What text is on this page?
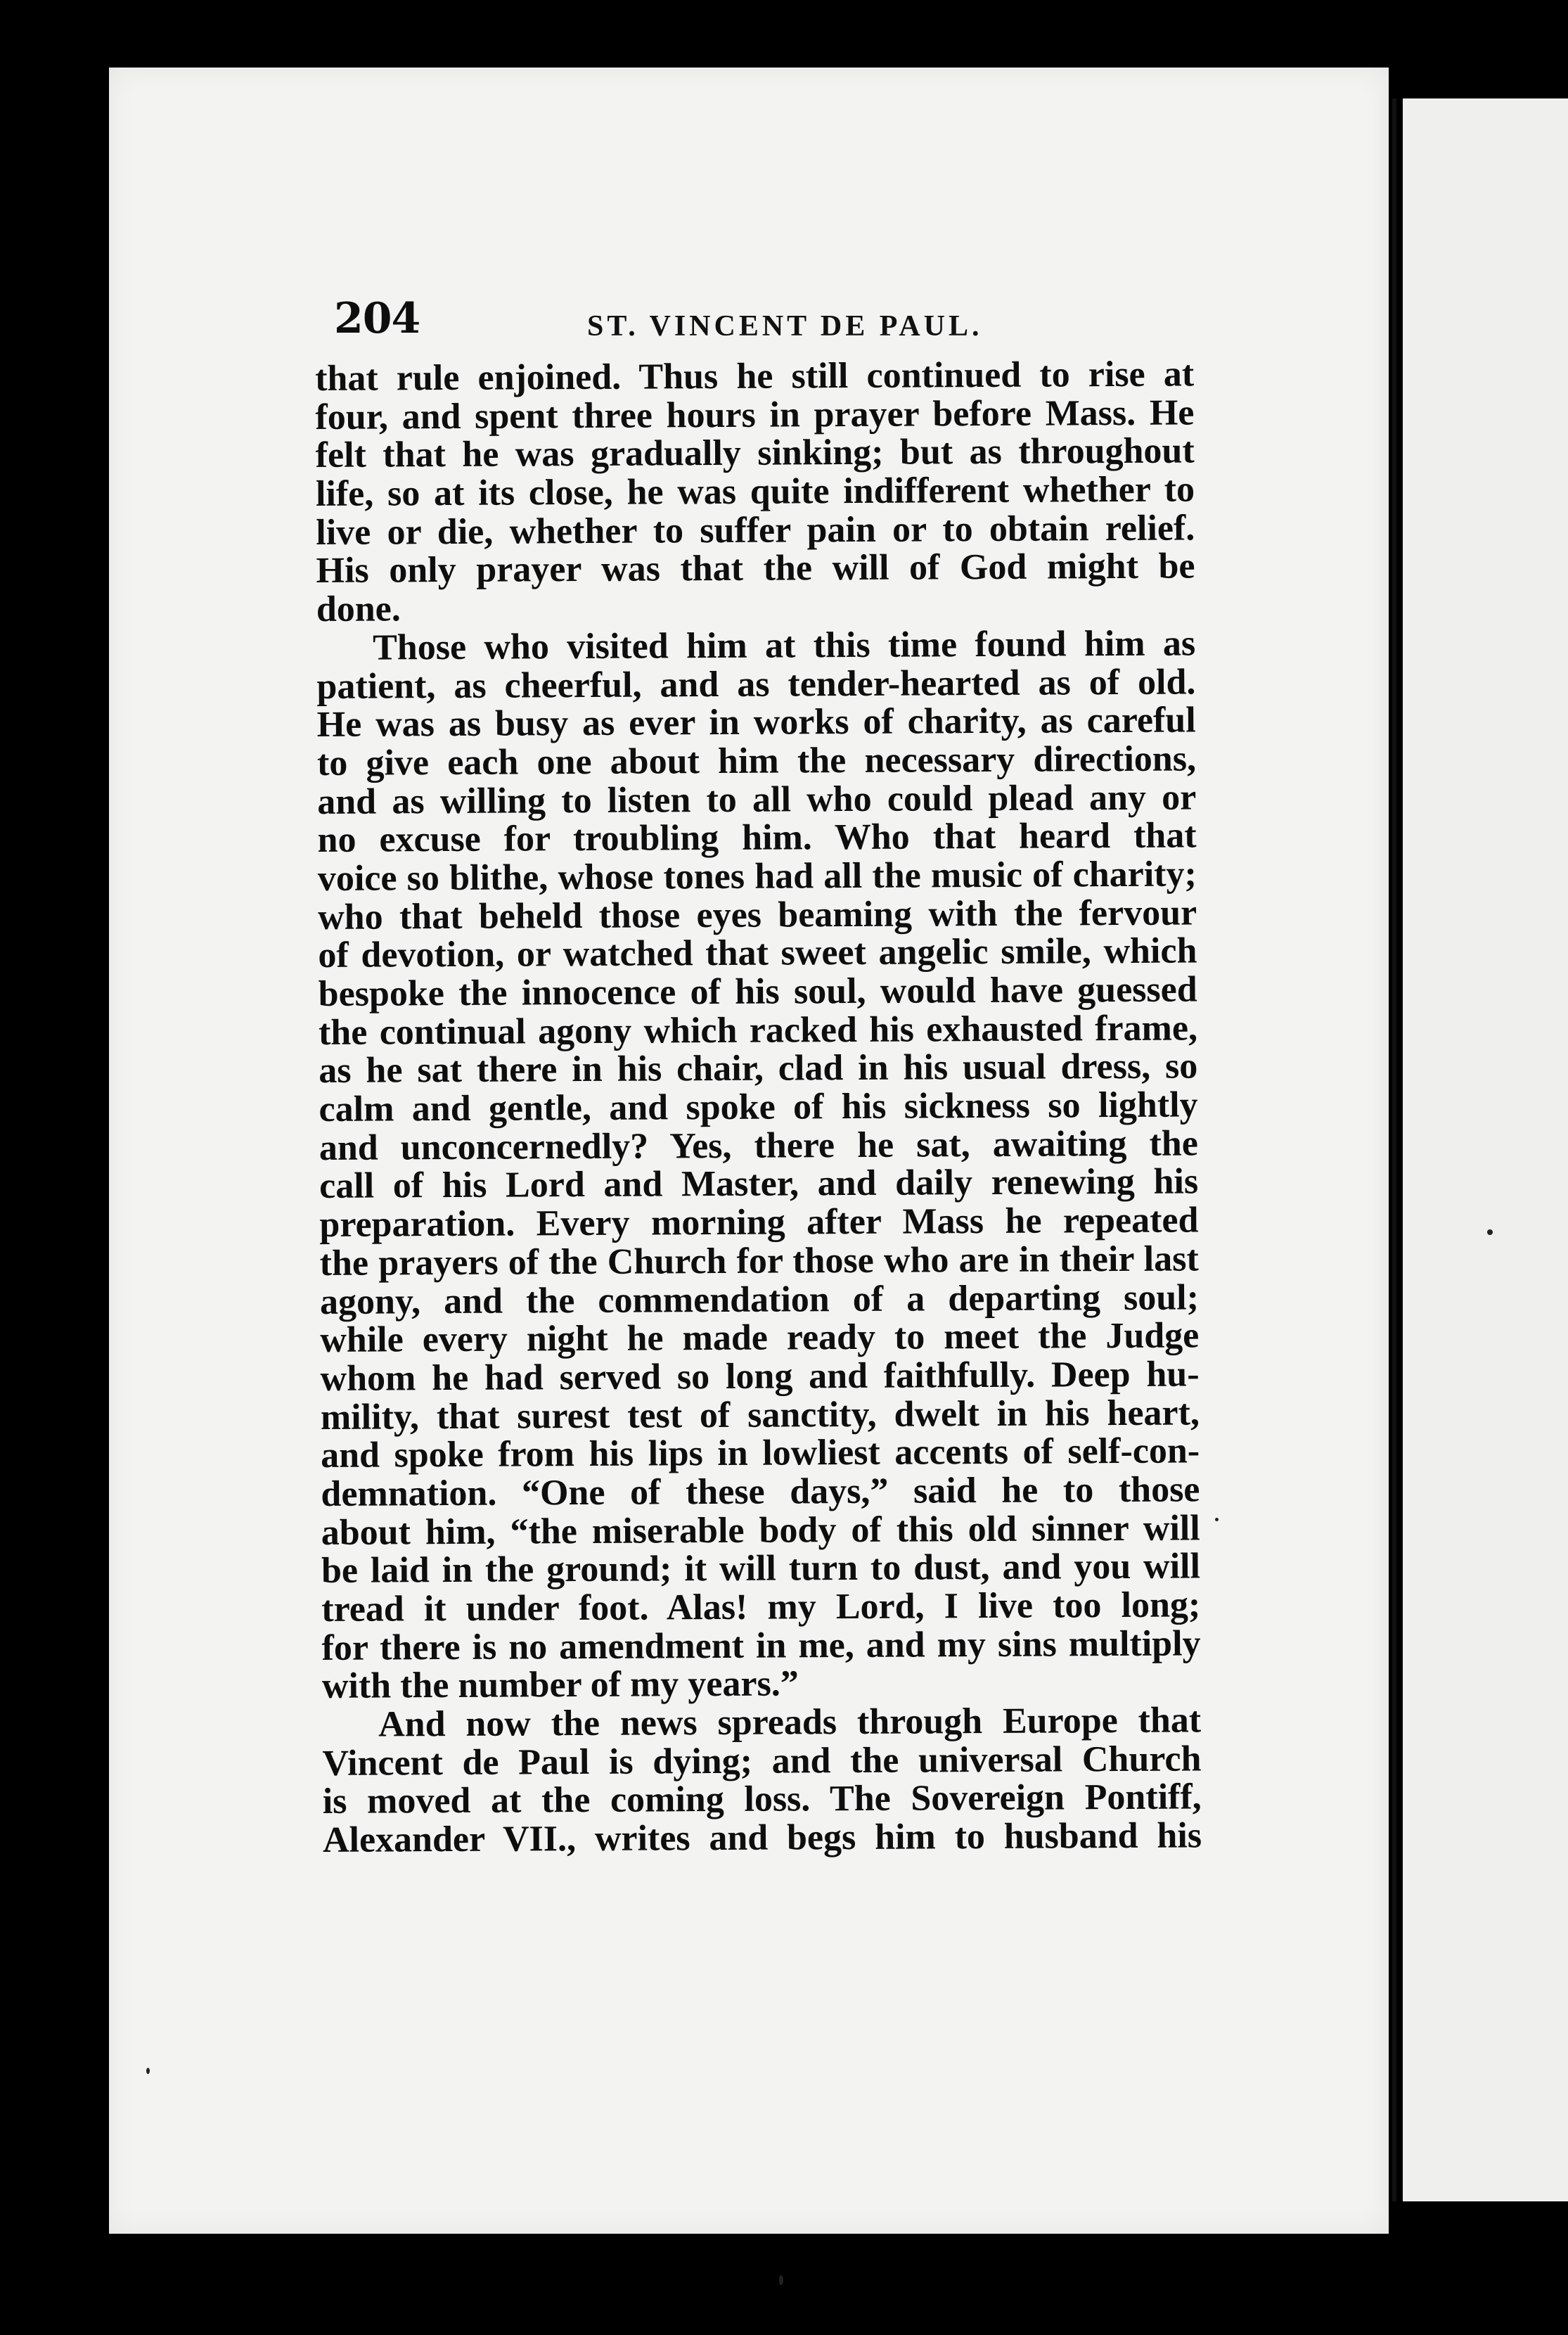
204	ST. VINCENT DE PAUL.
that rule enjoined. Thus he still continued to rise at
four, and spent three hours in prayer before Mass. He
felt that he was gradually sinking; but as throughout
life, so at its close, he was quite indifferent whether to
live or die, whether to suffer pain or to obtain relief.
His only prayer was that the will of God might be
done.
Those who visited him at this time found him as
patient, as cheerful, and as tender-hearted as of old.
He was as busy as ever in works of charity, as careful
to give each one about him the necessary directions,
and as willing to listen to all who could plead any or
no excuse for troubling him. Who that heard that
voice so blithe, whose tones had all the music of charity;
who that beheld those eyes beaming with the fervour
of devotion, or watched that sweet angelic smile, which
bespoke the innocence of his soul, would have guessed
the continual agony which racked his exhausted frame,
as he sat there in his chair, clad in his usual dress, so
calm and gentle, and spoke of his sickness so lightly
and unconcernedly? Yes, there he sat, awaiting the
call of his Lord and Master, and daily renewing his
preparation. Every morning after Mass he repeated
the prayers of the Church for those who are in their last
agony, and the commendation of a departing soul;
while every night he made ready to meet the Judge
whom he had served so long and faithfully. Deep hu-
mility, that surest test of sanctity, dwelt in his heart,
and spoke from his lips in lowliest accents of self-con-
demnation. “One of these days,” said he to those
about him, “the miserable body of this old sinner will
be laid in the ground; it will turn to dust, and you will
tread it under foot. Alas! my Lord, I live too long;
for there is no amendment in me, and my sins multiply
with the number of my years.”
And now the news spreads through Europe that
Vincent de Paul is dying; and the universal Church
is moved at the coming loss. The Sovereign Pontiff,
Alexander VII., writes and begs him to husband his
